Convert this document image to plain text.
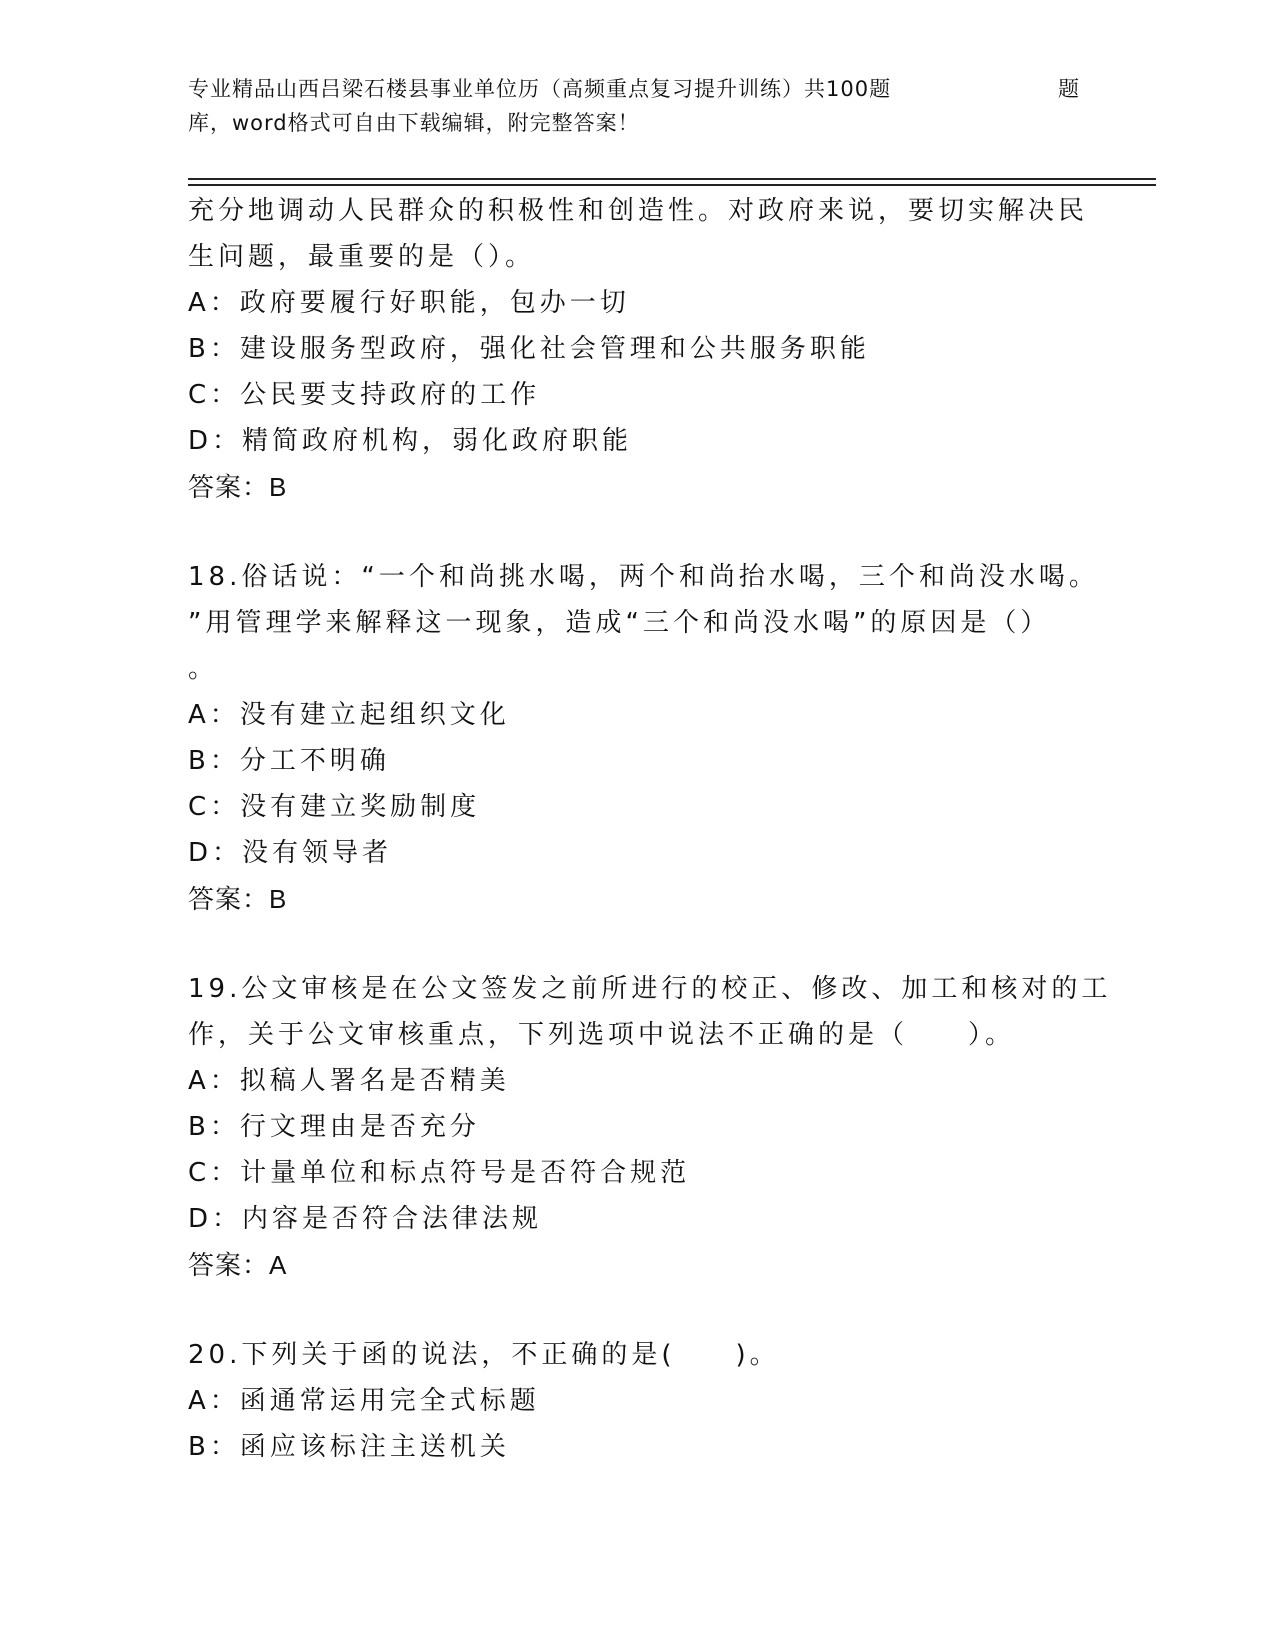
专业精品山西吕梁石楼县事业单位历（高频重点复习提升训练）共100题	题
库，word格式可自由下载编辑，附完整答案！
充分地调动人民群众的积极性和创造性。对政府来说，要切实解决民
生问题，最重要的是（）。
A：政府要履行好职能，包办一切
B：建设服务型政府，强化社会管理和公共服务职能
C：公民要支持政府的工作
D：精简政府机构，弱化政府职能
答案：B
18.俗话说：“一个和尚挑水喝，两个和尚抬水喝，三个和尚没水喝。
”用管理学来解释这一现象，造成“三个和尚没水喝”的原因是（）
。
A：没有建立起组织文化
B：分工不明确
C：没有建立奖励制度
D：没有领导者
答案：B
19.公文审核是在公文签发之前所进行的校正、修改、加工和核对的工
作，关于公文审核重点，下列选项中说法不正确的是（　　）。
A：拟稿人署名是否精美
B：行文理由是否充分
C：计量单位和标点符号是否符合规范
D：内容是否符合法律法规
答案：A
20.下列关于函的说法，不正确的是(　　)。
A：函通常运用完全式标题
B：函应该标注主送机关
